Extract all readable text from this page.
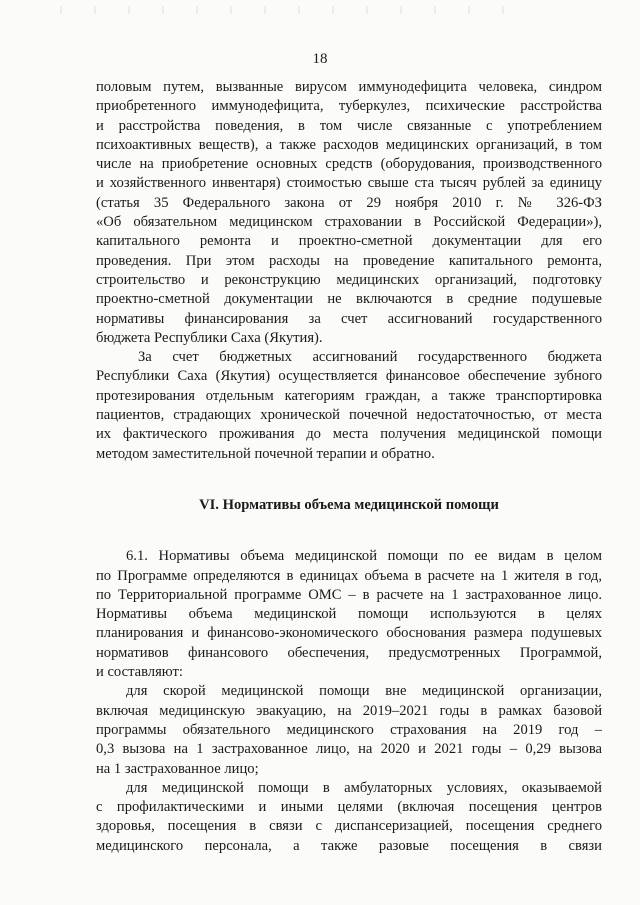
18
половым путем, вызванные вирусом иммунодефицита человека, синдром
приобретенного иммунодефицита, туберкулез, психические расстройства
и расстройства поведения, в том числе связанные с употреблением
психоактивных веществ), а также расходов медицинских организаций, в том
числе на приобретение основных средств (оборудования, производственного
и хозяйственного инвентаря) стоимостью свыше ста тысяч рублей за единицу
(статья 35 Федерального закона от 29 ноября 2010 г. № 326-ФЗ
«Об обязательном медицинском страховании в Российской Федерации»),
капитального ремонта и проектно-сметной документации для его
проведения. При этом расходы на проведение капитального ремонта,
строительство и реконструкцию медицинских организаций, подготовку
проектно-сметной документации не включаются в средние подушевые
нормативы финансирования за счет ассигнований государственного
бюджета Республики Саха (Якутия).
За счет бюджетных ассигнований государственного бюджета
Республики Саха (Якутия) осуществляется финансовое обеспечение зубного
протезирования отдельным категориям граждан, а также транспортировка
пациентов, страдающих хронической почечной недостаточностью, от места
их фактического проживания до места получения медицинской помощи
методом заместительной почечной терапии и обратно.
VI. Нормативы объема медицинской помощи
6.1. Нормативы объема медицинской помощи по ее видам в целом
по Программе определяются в единицах объема в расчете на 1 жителя в год,
по Территориальной программе ОМС – в расчете на 1 застрахованное лицо.
Нормативы объема медицинской помощи используются в целях
планирования и финансово-экономического обоснования размера подушевых
нормативов финансового обеспечения, предусмотренных Программой,
и составляют:
для скорой медицинской помощи вне медицинской организации,
включая медицинскую эвакуацию, на 2019–2021 годы в рамках базовой
программы обязательного медицинского страхования на 2019 год –
0,3 вызова на 1 застрахованное лицо, на 2020 и 2021 годы – 0,29 вызова
на 1 застрахованное лицо;
для медицинской помощи в амбулаторных условиях, оказываемой
с профилактическими и иными целями (включая посещения центров
здоровья, посещения в связи с диспансеризацией, посещения среднего
медицинского персонала, а также разовые посещения в связи
